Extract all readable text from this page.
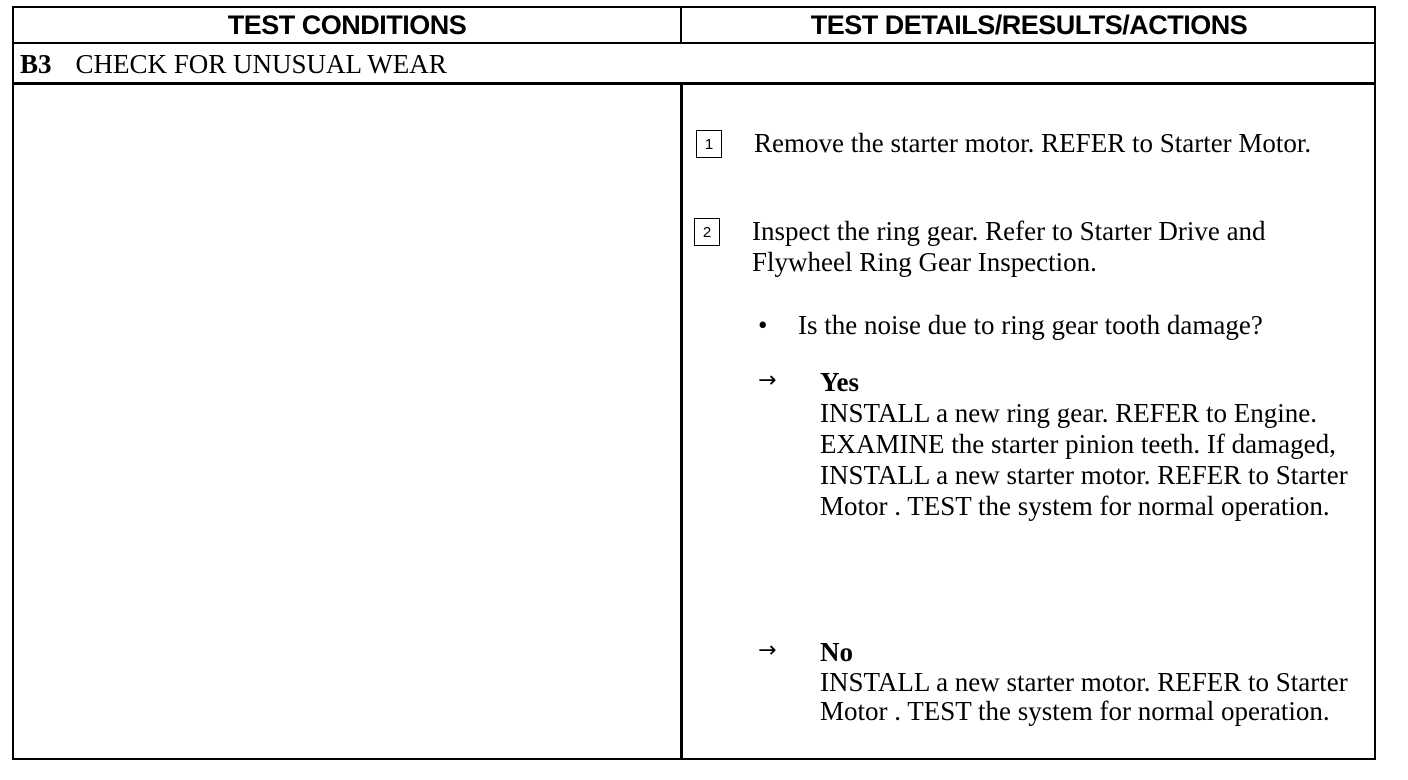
TEST CONDITIONS	TEST DETAILS/RESULTS/ACTIONS
B3 CHECK FOR UNUSUAL WEAR
1	Remove the starter motor. REFER to Starter Motor.
2	Inspect the ring gear. Refer to Starter Drive and Flywheel Ring Gear Inspection.
• Is the noise due to ring gear tooth damage?
→ Yes
INSTALL a new ring gear. REFER to Engine. EXAMINE the starter pinion teeth. If damaged, INSTALL a new starter motor. REFER to Starter Motor . TEST the system for normal operation.
→ No
INSTALL a new starter motor. REFER to Starter Motor . TEST the system for normal operation.
